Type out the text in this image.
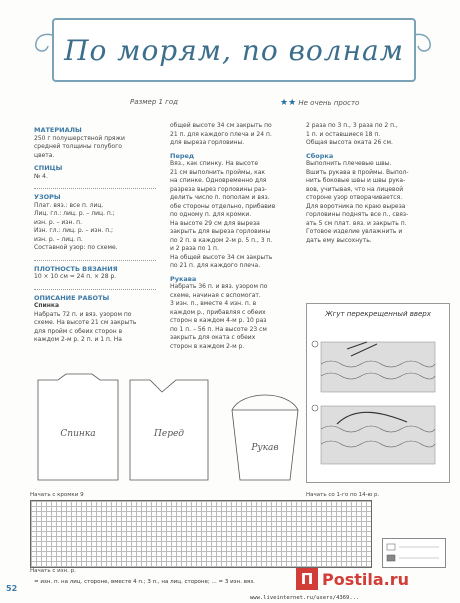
По морям, по волнам
Размер 1 год	★★ Не очень просто
МАТЕРИАЛЫ
250 г полушерстяной пряжи
средней толщины голубого
цвета.
СПИЦЫ
№ 4.
УЗОРЫ
Плат. вяз.: все п. лиц.
Лиц. гл.: лиц. р. – лиц. п.;
изн. р. – изн. п.
Изн. гл.: лиц. р. – изн. п.;
изн. р. – лиц. п.
Составной узор: по схеме.
ПЛОТНОСТЬ ВЯЗАНИЯ
10 × 10 см = 24 п. × 28 р.
ОПИСАНИЕ РАБОТЫ
Спинка
Набрать 72 п. и вяз. узором по
схеме. На высоте 21 см закрыть
для пройм с обеих сторон в
каждом 2-м р. 2 п. и 1 п. На
общей высоте 34 см закрыть по
21 п. для каждого плеча и 24 п.
для выреза горловины.
Перед
Вяз., как спинку. На высоте
21 см выполнить проймы, как
на спинке. Одновременно для
разреза вырез горловины раз-
делить число п. пополам и вяз.
обе стороны отдельно, прибавив
по одному п. для кромки.
На высоте 29 см для выреза
закрыть для выреза горловины
по 2 п. в каждом 2-м р. 5 п., 3 п.
и 2 раза по 1 п.
На общей высоте 34 см закрыть
по 21 п. для каждого плеча.
Рукава
Набрать 36 п. и вяз. узором по
схеме, начиная с вспомогат.
3 изн. п., вместе 4 изн. п. в
каждом р., прибавляя с обеих
сторон в каждом 4-м р. 10 раз
по 1 п. – 56 п. На высоте 23 см
закрыть для оката с обеих
сторон в каждом 2-м р.
2 раза по 3 п., 3 раза по 2 п.,
1 п. и оставшиеся 18 п.
Общая высота оката 26 см.
Сборка
Выполнить плечевые швы.
Вшить рукава в проймы. Выпол-
нить боковые швы и швы рука-
вов, учитывая, что на лицевой
стороне узор отворачивается.
Для воротника по краю выреза
горловины поднять все п., связ-
ать 5 см плат. вяз. и закрыть п.
Готовое изделие увлажнить и
дать ему высохнуть.
Жгут перекрещенный вверх
Спинка	Перед
Рукав
Начать с кромки 9	Начать со 1-го по 14-ю р.
Начать с изн. р.
52
= изн. п. на лиц. стороне, вместе 4 п.; 3 п., на лиц. стороне; ... = 3 изн. вяз.	П Postila.ru
www.liveinternet.ru/users/4369...
